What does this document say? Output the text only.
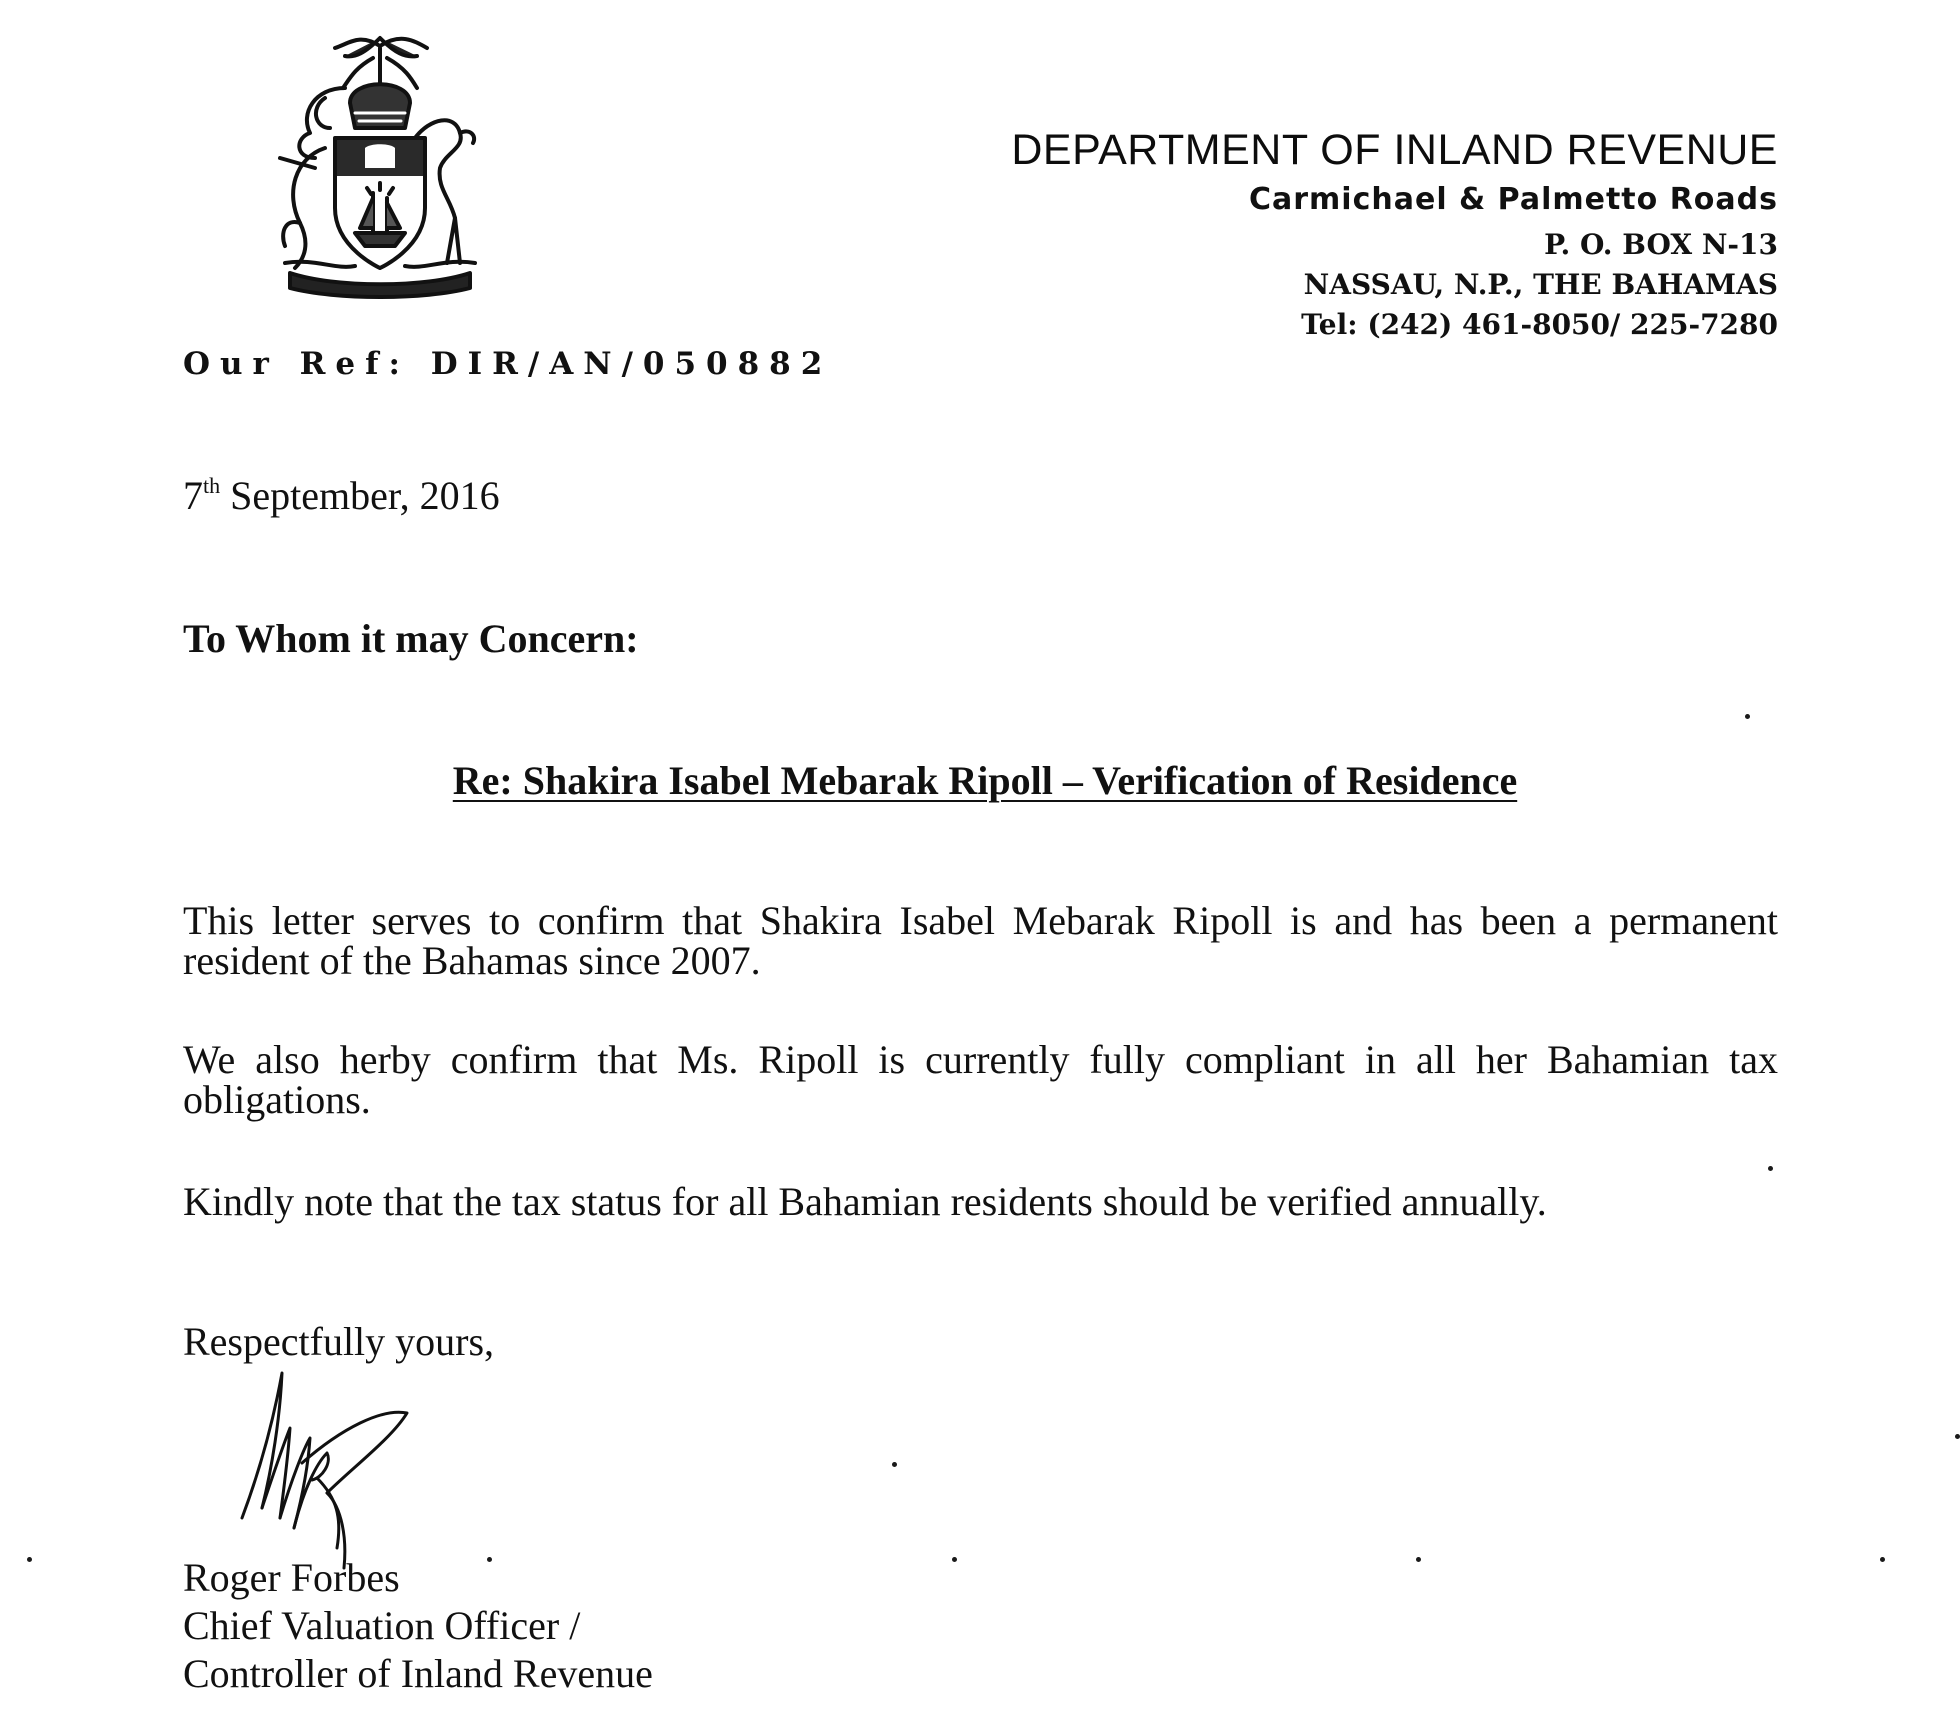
DEPARTMENT OF INLAND REVENUE
Carmichael & Palmetto Roads
P. O. BOX N-13
NASSAU, N.P., THE BAHAMAS
Tel: (242) 461-8050/ 225-7280
Our Ref: DIR/AN/050882
7th September, 2016
To Whom it may Concern:
Re: Shakira Isabel Mebarak Ripoll – Verification of Residence
This letter serves to confirm that Shakira Isabel Mebarak Ripoll is and has been a permanent resident of the Bahamas since 2007.
We also herby confirm that Ms. Ripoll is currently fully compliant in all her Bahamian tax obligations.
Kindly note that the tax status for all Bahamian residents should be verified annually.
Respectfully yours,
Roger Forbes
Chief Valuation Officer /
Controller of Inland Revenue
